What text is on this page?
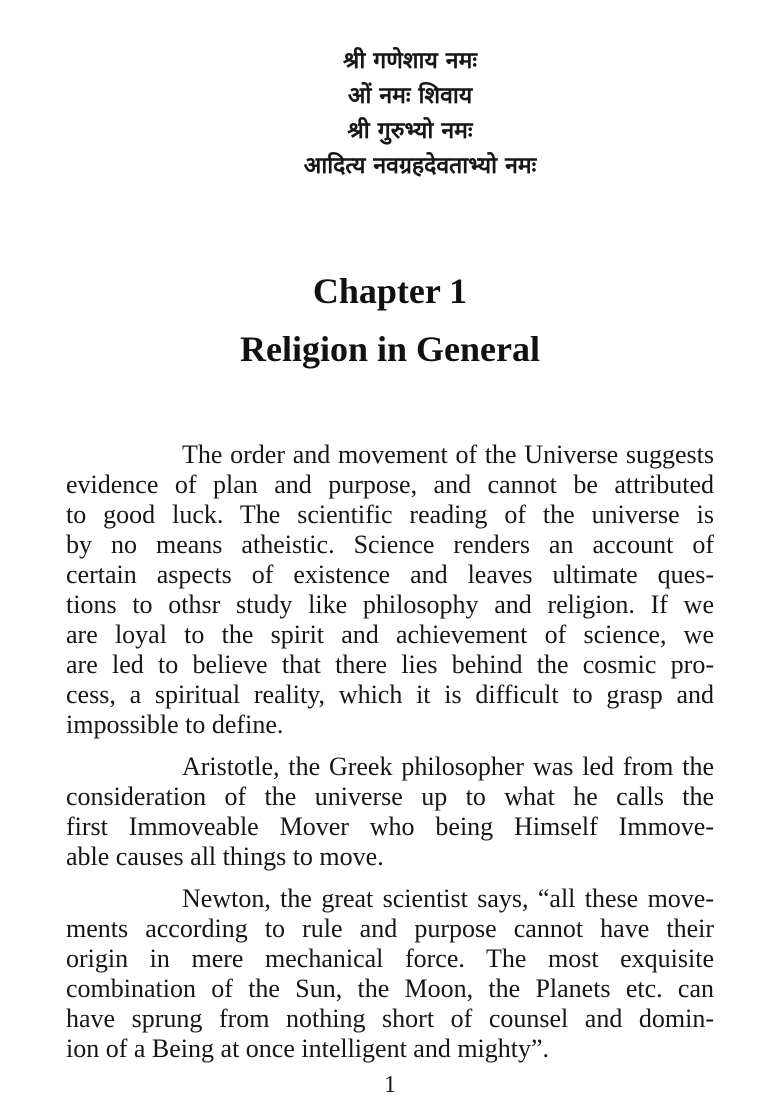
श्री गणेशाय नमः
ओं नमः शिवाय
श्री गुरुभ्यो नमः
आदित्य नवग्रहदेवताभ्यो नमः
Chapter 1
Religion in General
The order and movement of the Universe suggests
evidence of plan and purpose, and cannot be attributed
to good luck. The scientific reading of the universe is
by no means atheistic. Science renders an account of
certain aspects of existence and leaves ultimate ques-
tions to othsr study like philosophy and religion. If we
are loyal to the spirit and achievement of science, we
are led to believe that there lies behind the cosmic pro-
cess, a spiritual reality, which it is difficult to grasp and
impossible to define.
Aristotle, the Greek philosopher was led from the
consideration of the universe up to what he calls the
first Immoveable Mover who being Himself Immove-
able causes all things to move.
Newton, the great scientist says, “all these move-
ments according to rule and purpose cannot have their
origin in mere mechanical force. The most exquisite
combination of the Sun, the Moon, the Planets etc. can
have sprung from nothing short of counsel and domin-
ion of a Being at once intelligent and mighty”.
1
